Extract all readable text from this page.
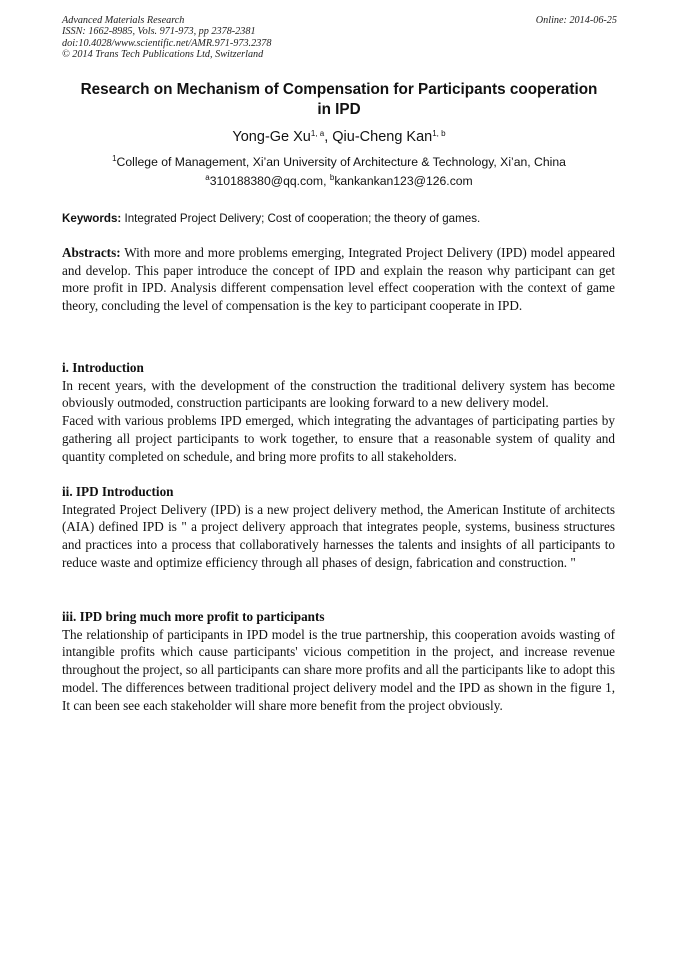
Advanced Materials Research
ISSN: 1662-8985, Vols. 971-973, pp 2378-2381
doi:10.4028/www.scientific.net/AMR.971-973.2378
© 2014 Trans Tech Publications Ltd, Switzerland
Online: 2014-06-25
Research on Mechanism of Compensation for Participants cooperation
in IPD
Yong-Ge Xu$^{1, a}$, Qiu-Cheng Kan$^{1, b}$
$^1$College of Management, Xi’an University of Architecture & Technology, Xi’an, China
$^a$310188380@qq.com, $^b$kankankan123@126.com
Keywords: Integrated Project Delivery; Cost of cooperation; the theory of games.
Abstracts: With more and more problems emerging, Integrated Project Delivery (IPD) model appeared and develop. This paper introduce the concept of IPD and explain the reason why participant can get more profit in IPD. Analysis different compensation level effect cooperation with the context of game theory, concluding the level of compensation is the key to participant cooperate in IPD.

i. Introduction

In recent years, with the development of the construction the traditional delivery system has become obviously outmoded, construction participants are looking forward to a new delivery model.

Faced with various problems IPD emerged, which integrating the advantages of participating parties by gathering all project participants to work together, to ensure that a reasonable system of quality and quantity completed on schedule, and bring more profits to all stakeholders.

ii. IPD Introduction

Integrated Project Delivery (IPD) is a new project delivery method, the American Institute of architects (AIA) defined IPD is " a project delivery approach that integrates people, systems, business structures and practices into a process that collaboratively harnesses the talents and insights of all participants to reduce waste and optimize efficiency through all phases of design, fabrication and construction. "

iii. IPD bring much more profit to participants

The relationship of participants in IPD model is the true partnership, this cooperation avoids wasting of intangible profits which cause participants' vicious competition in the project, and increase revenue throughout the project, so all participants can share more profits and all the participants like to adopt this model. The differences between traditional project delivery model and the IPD as shown in the figure 1, It can been see each stakeholder will share more benefit from the project obviously.
